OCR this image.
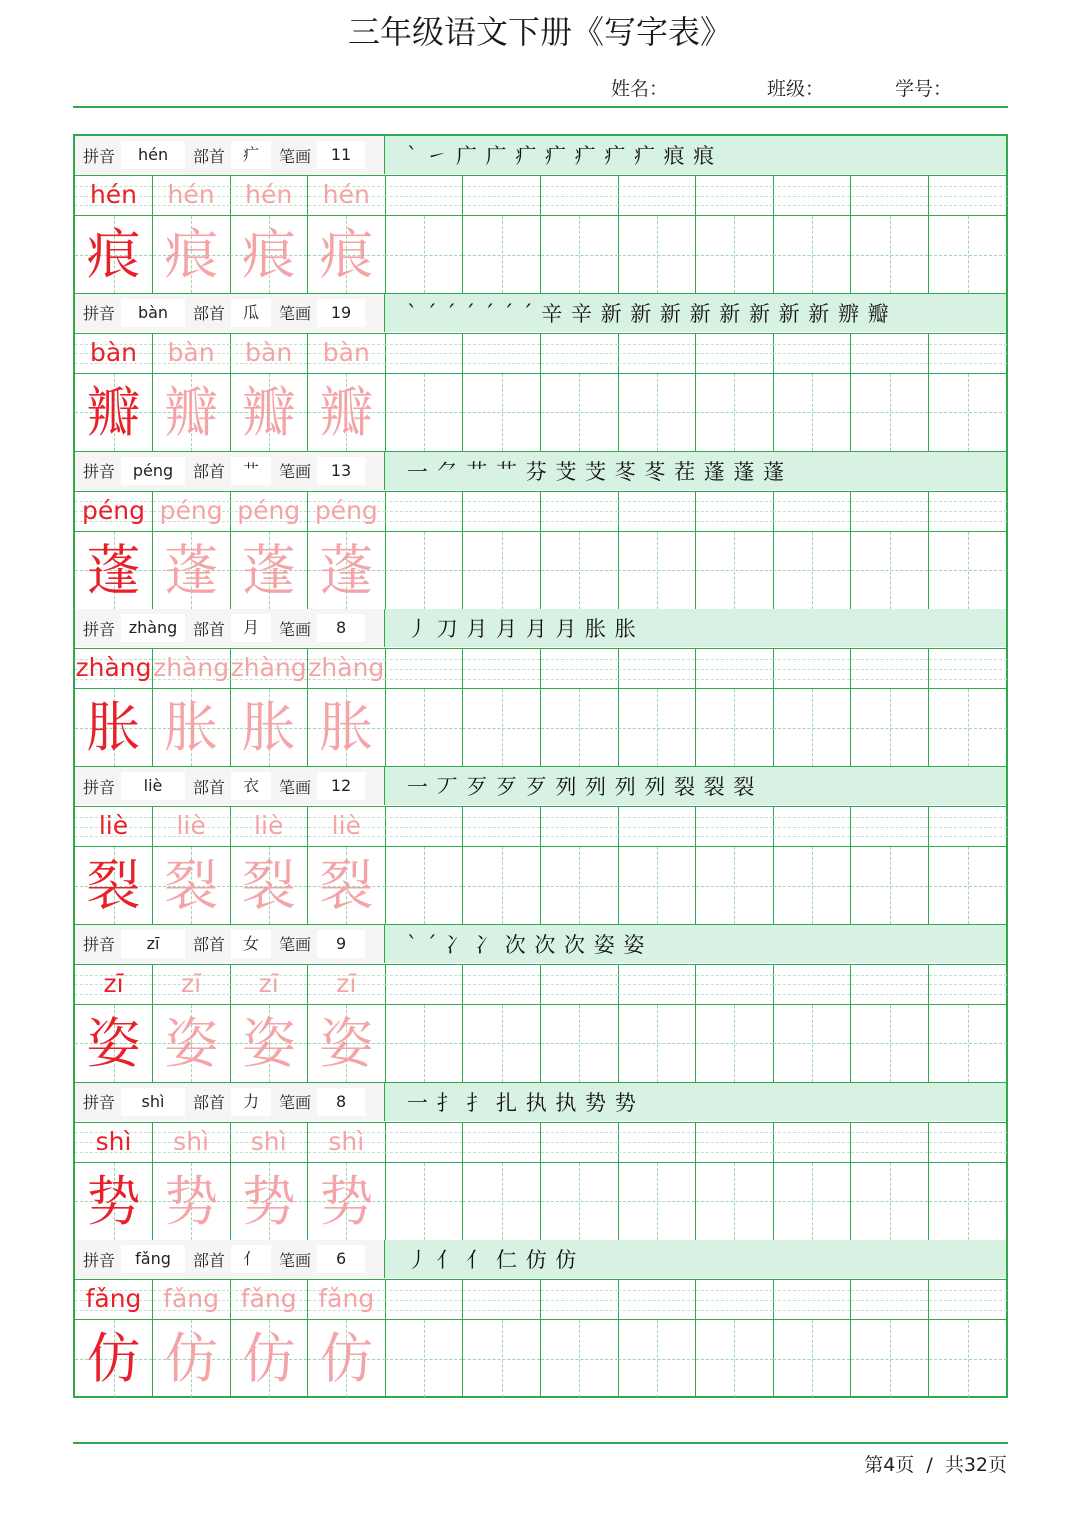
三年级语文下册《写字表》
姓名：	班级：	学号：
拼音	hén	部首	疒	笔画	11	` ㇀ 广 广 疒 疒 疒 疒 疒 痕 痕
hén	hén	hén	hén
痕 痕 痕 痕
拼音	bàn	部首	瓜	笔画	19	` ˊ ˊ ˊ ˊ ˊ ˊ 辛 辛 新 新 新 新 新 新 新 新 辧 瓣
bàn	bàn	bàn	bàn
瓣 瓣 瓣 瓣
拼音	péng	部首	艹	笔画	13	一 ⺈ 艹 艹 芬 芠 芠 苳 苳 茬 蓬 蓬 蓬
péng péng péng péng
蓬 蓬 蓬 蓬
拼音 zhàng 部首	月	笔画	8	丿 刀 月 月 月 月 胀 胀
zhàng zhàng zhàng zhàng
胀 胀 胀 胀
拼音	liè	部首	衣	笔画	12	一 丆 歹 歹 歹 列 列 列 列 裂 裂 裂
liè	liè	liè	liè
裂 裂 裂 裂
拼音	zī	部首	女	笔画	9	` ˊ 冫 冫 次 次 次 姿 姿
zī	zī	zī	zī
姿 姿 姿 姿
拼音	shì	部首	力	笔画	8	一 扌 扌 扎 执 执 势 势
shì	shì	shì	shì
势 势 势 势
拼音	fǎng	部首	亻	笔画	6	丿 亻 亻 仁 仿 仿
fǎng fǎng fǎng fǎng
仿 仿 仿 仿
第4页 / 共32页
